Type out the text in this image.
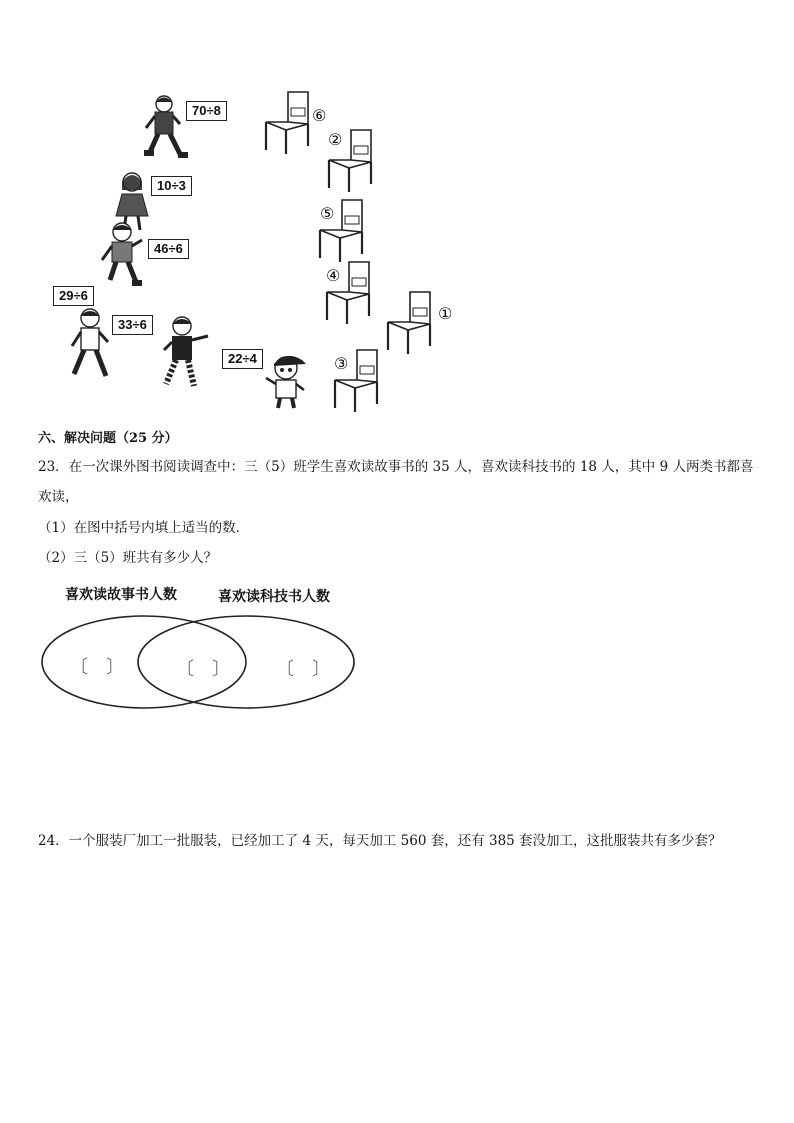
70÷8
10÷3
46÷6
29÷6
33÷6
22÷4
⑥
②
⑤
④
①
③
六、解决问题（25 分）
23．在一次课外图书阅读调查中：三（5）班学生喜欢读故事书的 35 人，喜欢读科技书的 18 人，其中 9 人两类书都喜
欢读，
（1）在图中括号内填上适当的数．
（2）三（5）班共有多少人？
喜欢读故事书人数	喜欢读科技书人数
〔　〕	〔　〕	〔　〕
24．一个服装厂加工一批服装，已经加工了 4 天，每天加工 560 套，还有 385 套没加工，这批服装共有多少套？
